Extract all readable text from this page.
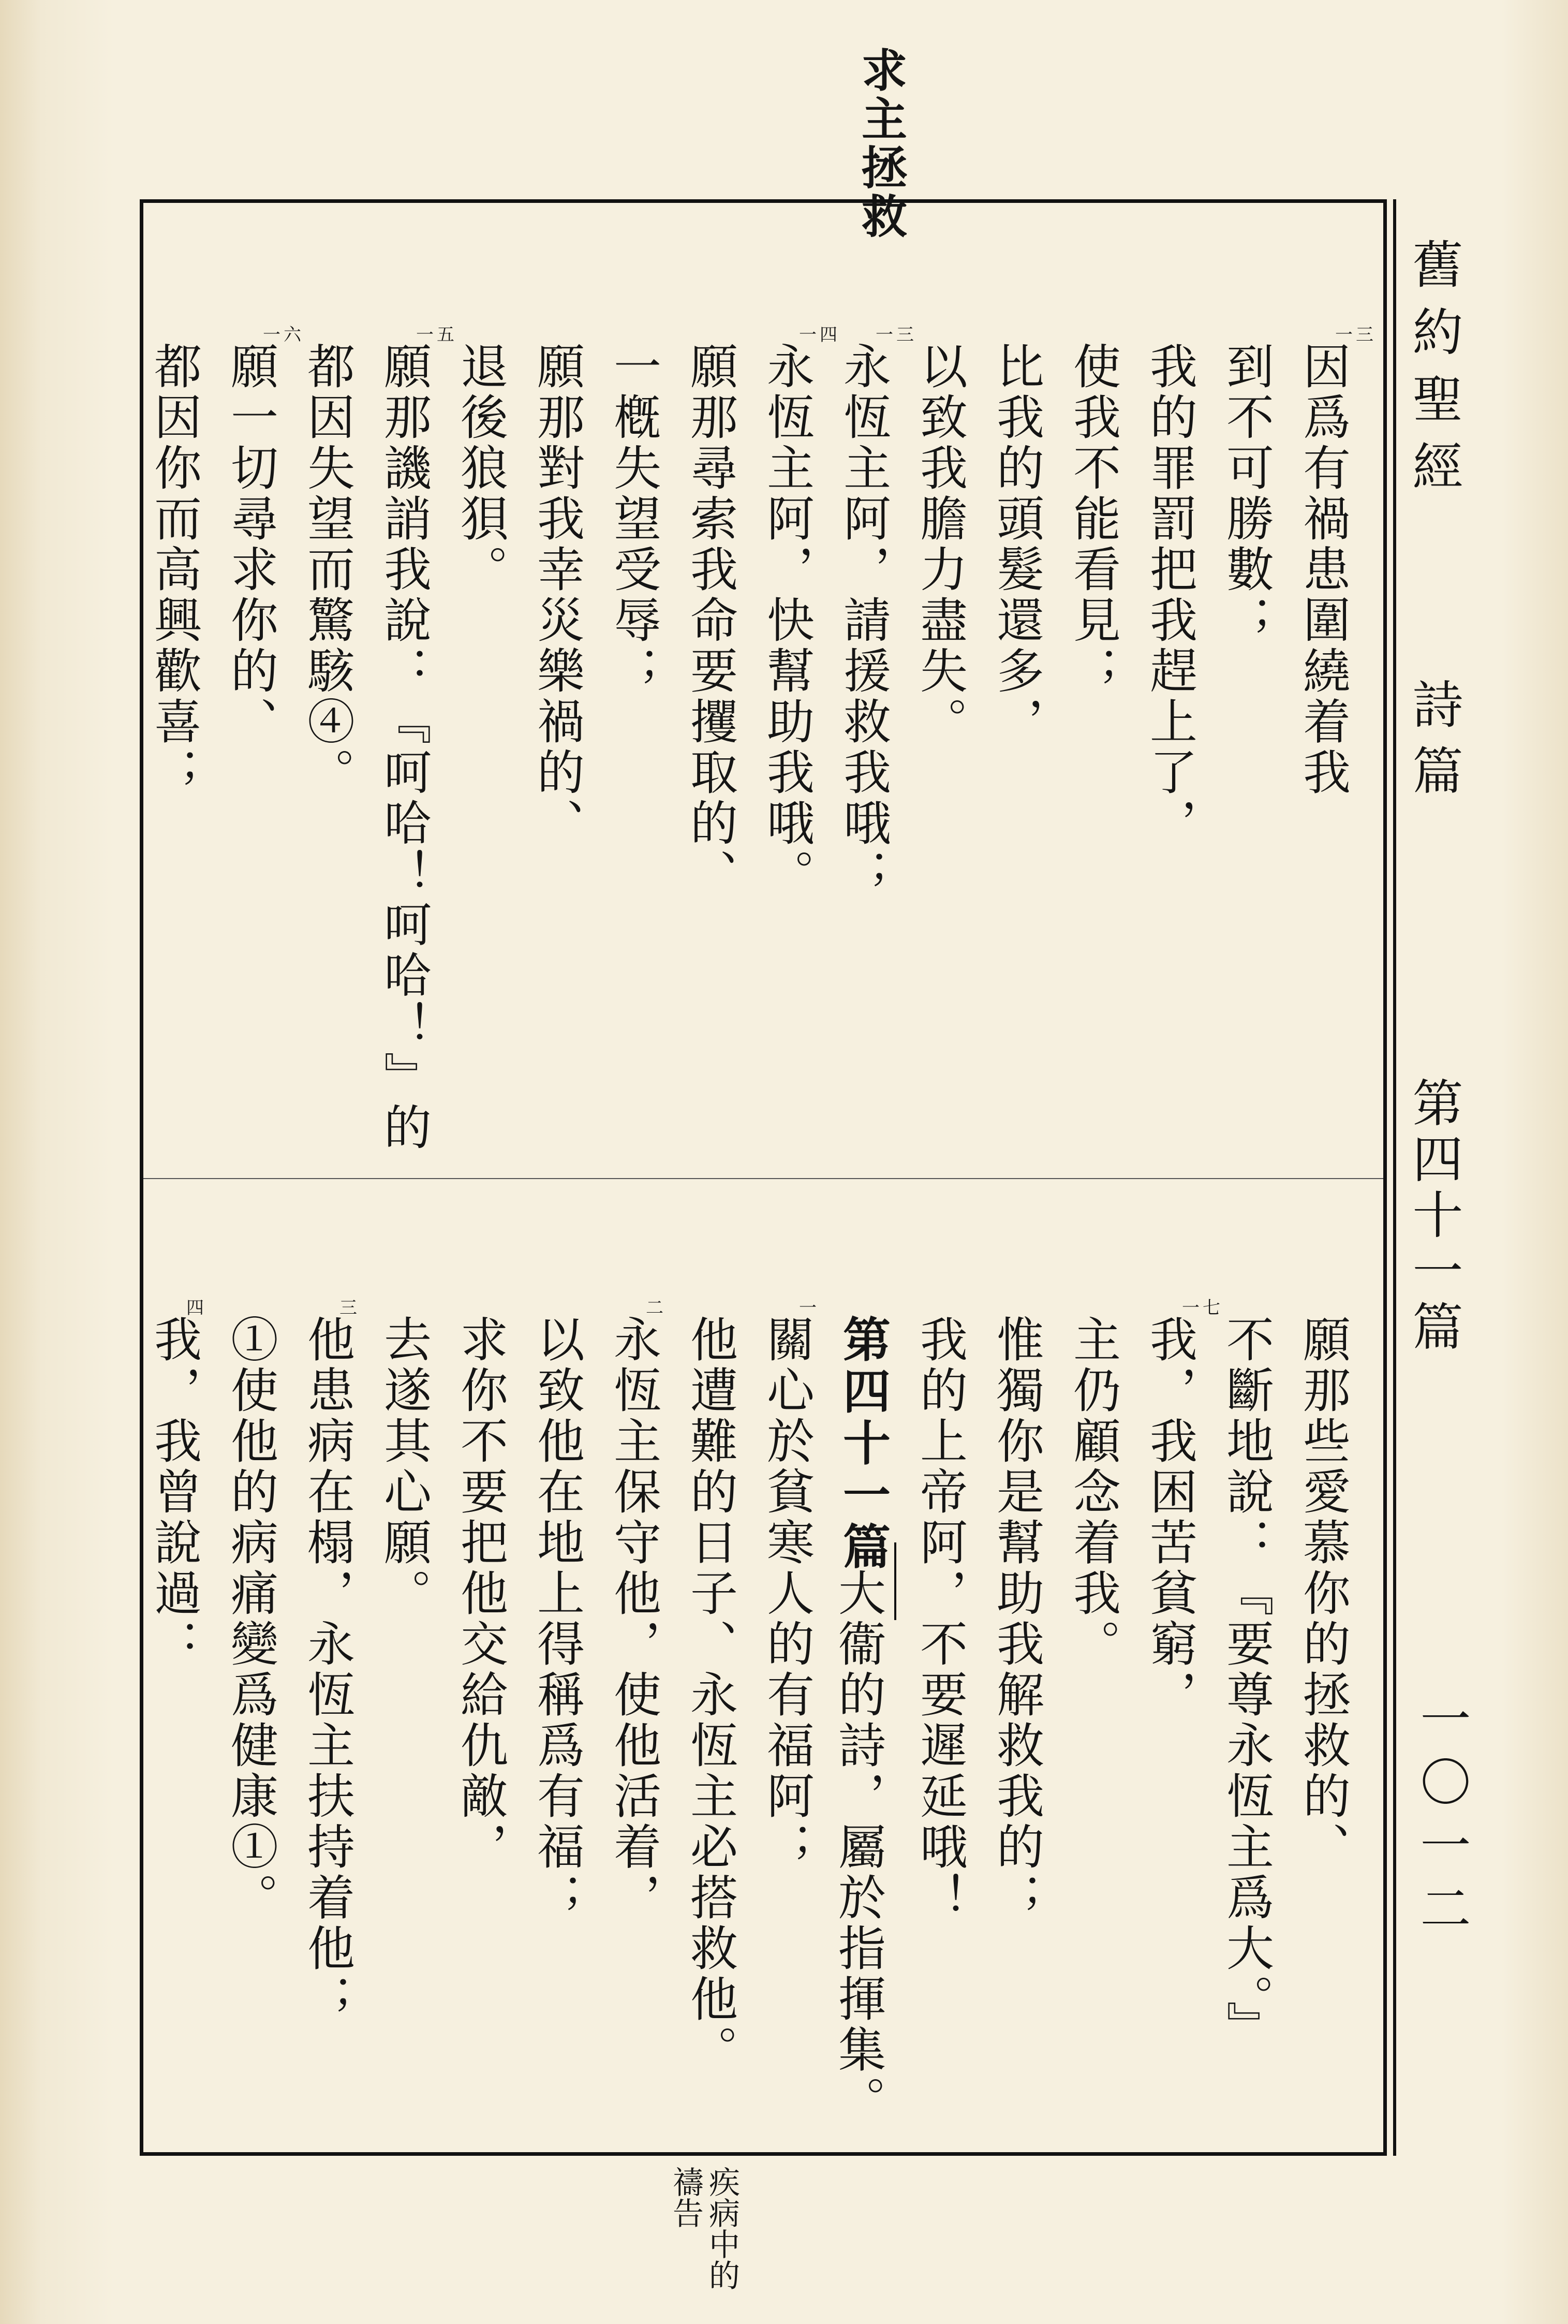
求主拯救
舊約聖經
詩篇
第四十一篇
一〇一二
疾病中的禱告
一三
因爲有禍患圍繞着我
到不可勝數；
我的罪罰把我趕上了，
使我不能看見；
比我的頭髮還多，
以致我膽力盡失。
一三
永恆主阿，請援救我哦；
一四
永恆主阿，快幫助我哦。
願那尋索我命要攫取的、
一槪失望受辱；
願那對我幸災樂禍的、
退後狼狽。
一五
願那譏誚我說：『呵哈！呵哈！』的
都因失望而驚駭④。
一六
願一切尋求你的、
都因你而高興歡喜；
願那些愛慕你的拯救的、
不斷地說：『要尊永恆主爲大。』
一七
我，我困苦貧窮，
主仍顧念着我。
惟獨你是幫助我解救我的；
我的上帝阿，不要遲延哦！
第四十一篇
大衞的詩，屬於指揮集。
一
關心於貧寒人的有福阿；
他遭難的日子、永恆主必搭救他。
二
永恆主保守他，使他活着，
以致他在地上得稱爲有福；
求你不要把他交給仇敵，
去遂其心願。
三
他患病在榻，永恆主扶持着他；
①使他的病痛變爲健康①。
四
我，我曾說過：
